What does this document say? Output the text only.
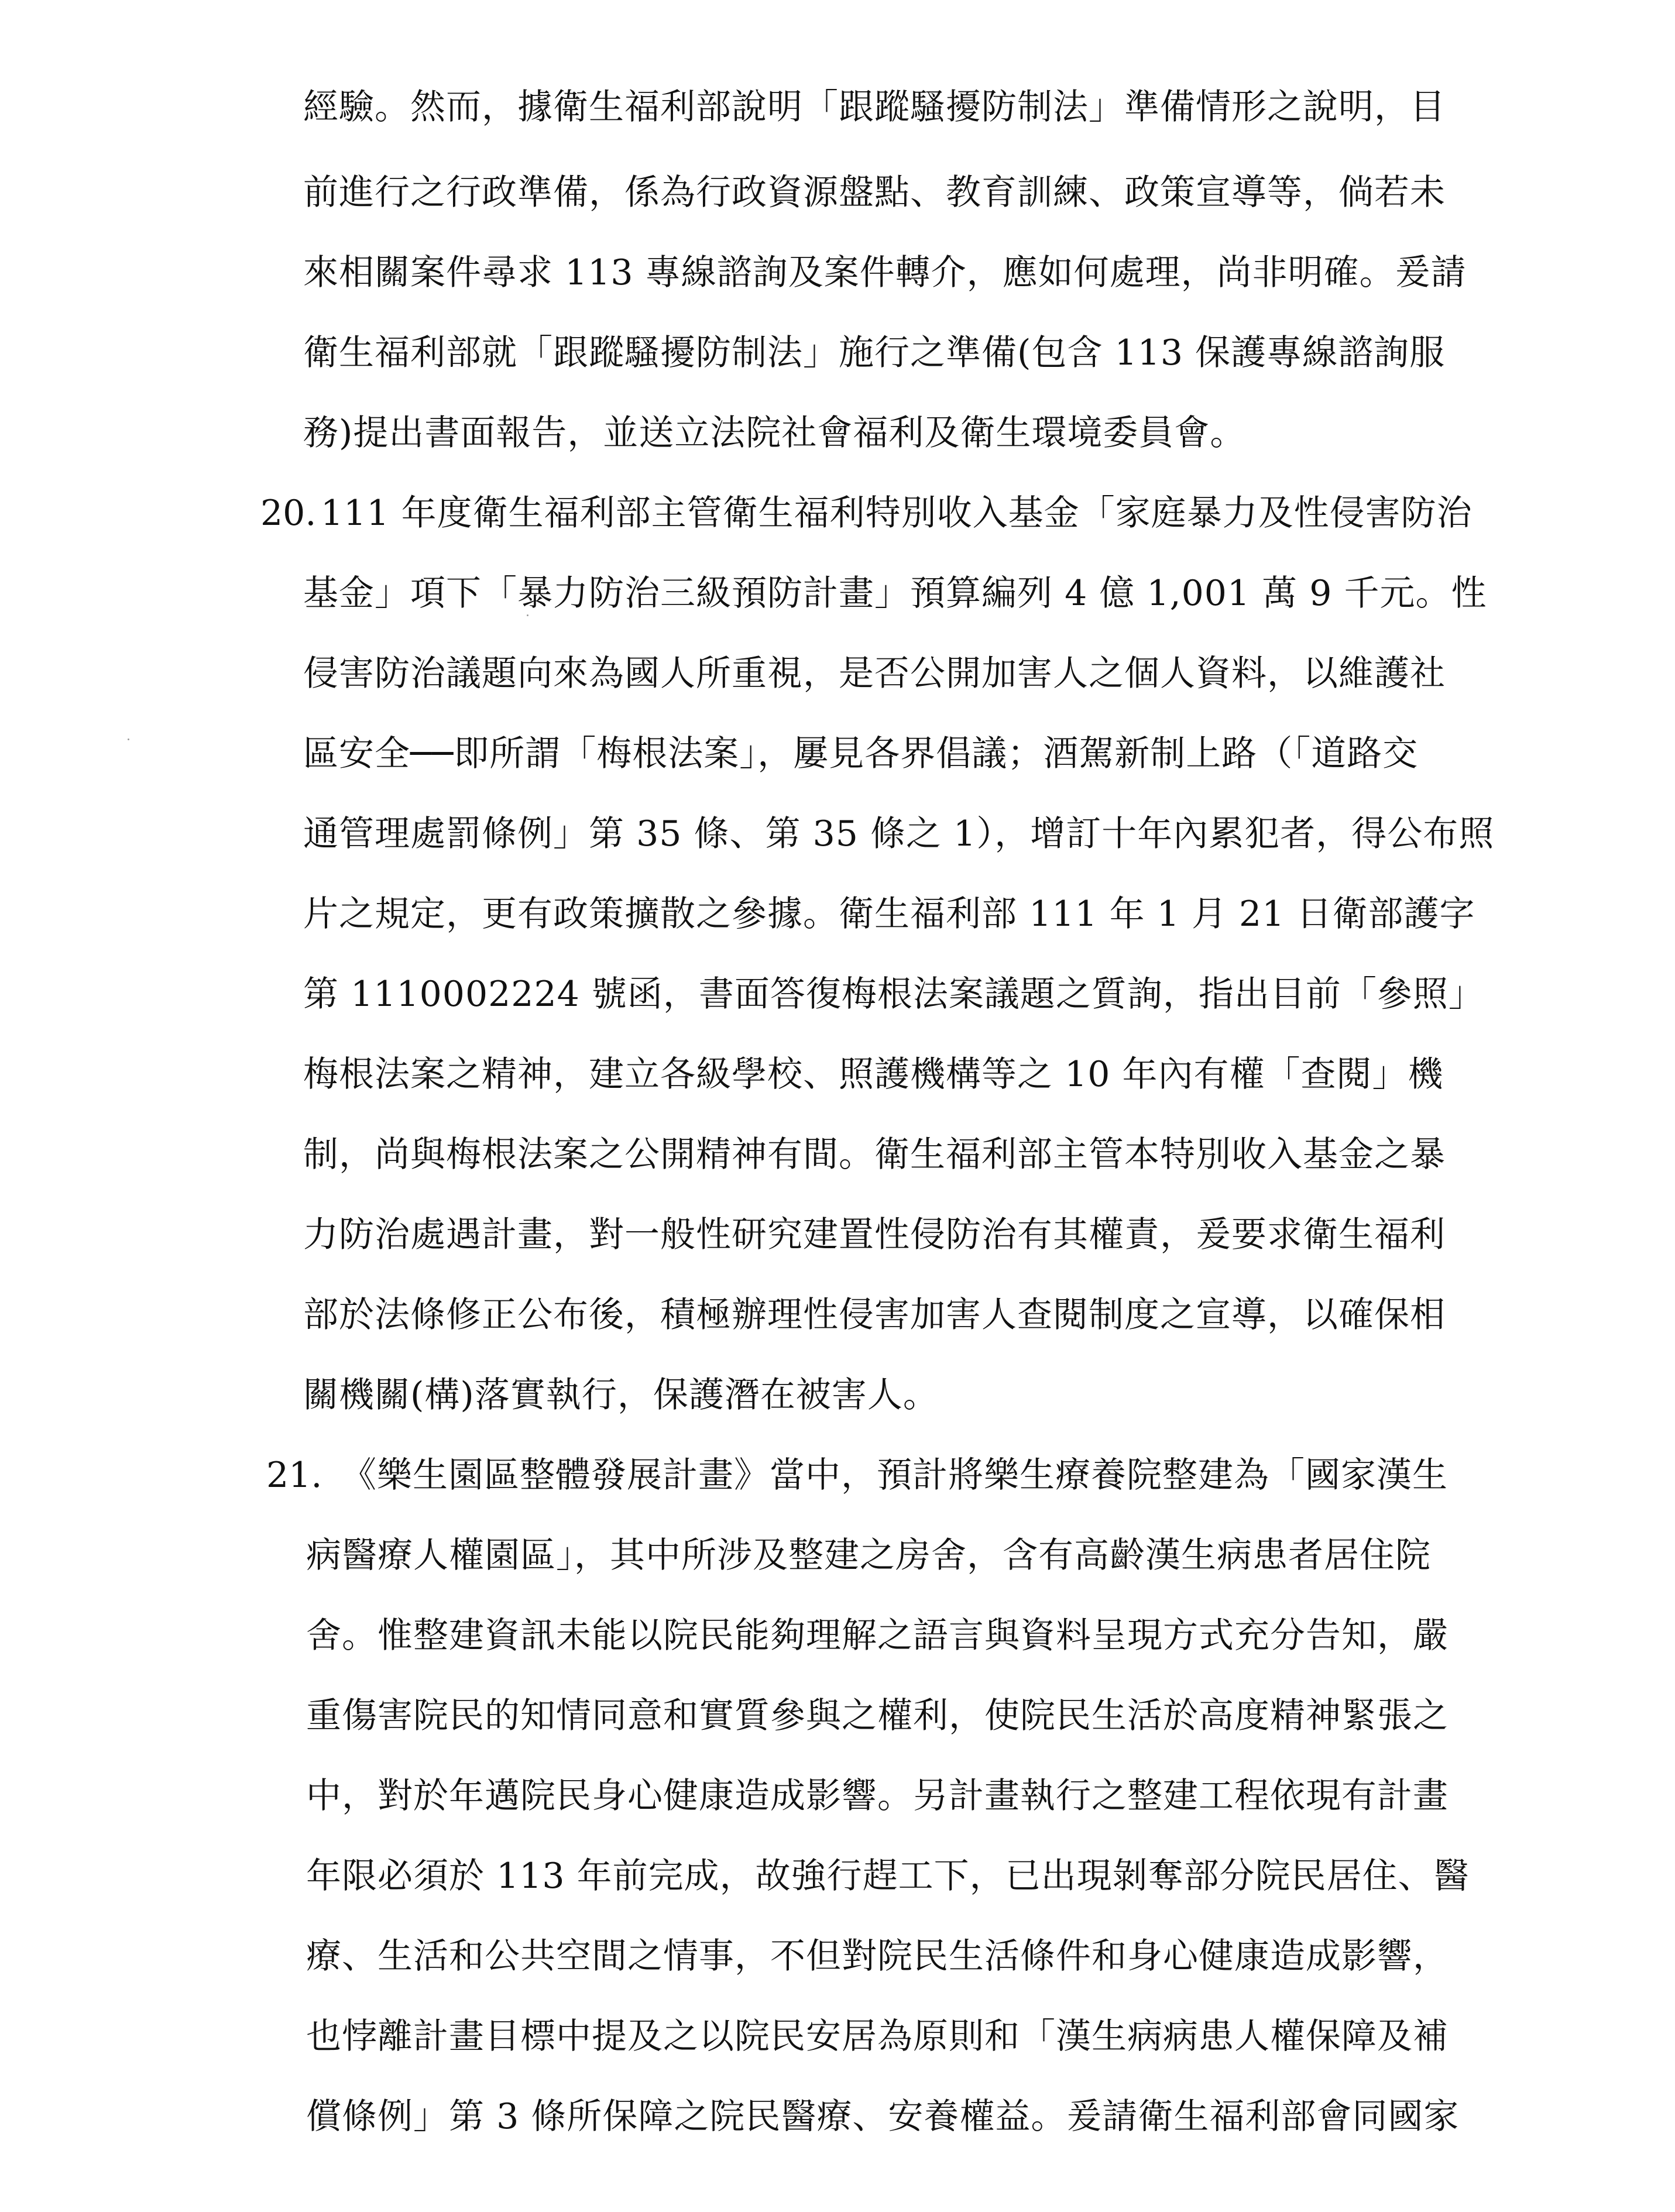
經驗。然而，據衛生福利部說明「跟蹤騷擾防制法」準備情形之說明，目
前進行之行政準備，係為行政資源盤點、教育訓練、政策宣導等，倘若未
來相關案件尋求 113 專線諮詢及案件轉介，應如何處理，尚非明確。爰請
衛生福利部就「跟蹤騷擾防制法」施行之準備(包含 113 保護專線諮詢服
務)提出書面報告，並送立法院社會福利及衛生環境委員會。
20. 111 年度衛生福利部主管衛生福利特別收入基金「家庭暴力及性侵害防治
基金」項下「暴力防治三級預防計畫」預算編列 4 億 1,001 萬 9 千元。性
侵害防治議題向來為國人所重視，是否公開加害人之個人資料，以維護社
區安全──即所謂「梅根法案」，屢見各界倡議；酒駕新制上路（「道路交
通管理處罰條例」第 35 條、第 35 條之 1），增訂十年內累犯者，得公布照
片之規定，更有政策擴散之參據。衛生福利部 111 年 1 月 21 日衛部護字
第 1110002224 號函，書面答復梅根法案議題之質詢，指出目前「參照」
梅根法案之精神，建立各級學校、照護機構等之 10 年內有權「查閱」機
制，尚與梅根法案之公開精神有間。衛生福利部主管本特別收入基金之暴
力防治處遇計畫，對一般性研究建置性侵防治有其權責，爰要求衛生福利
部於法條修正公布後，積極辦理性侵害加害人查閱制度之宣導，以確保相
關機關(構)落實執行，保護潛在被害人。
21. 《樂生園區整體發展計畫》當中，預計將樂生療養院整建為「國家漢生
病醫療人權園區」，其中所涉及整建之房舍，含有高齡漢生病患者居住院
舍。惟整建資訊未能以院民能夠理解之語言與資料呈現方式充分告知，嚴
重傷害院民的知情同意和實質參與之權利，使院民生活於高度精神緊張之
中，對於年邁院民身心健康造成影響。另計畫執行之整建工程依現有計畫
年限必須於 113 年前完成，故強行趕工下，已出現剝奪部分院民居住、醫
療、生活和公共空間之情事，不但對院民生活條件和身心健康造成影響，
也悖離計畫目標中提及之以院民安居為原則和「漢生病病患人權保障及補
償條例」第 3 條所保障之院民醫療、安養權益。爰請衛生福利部會同國家
